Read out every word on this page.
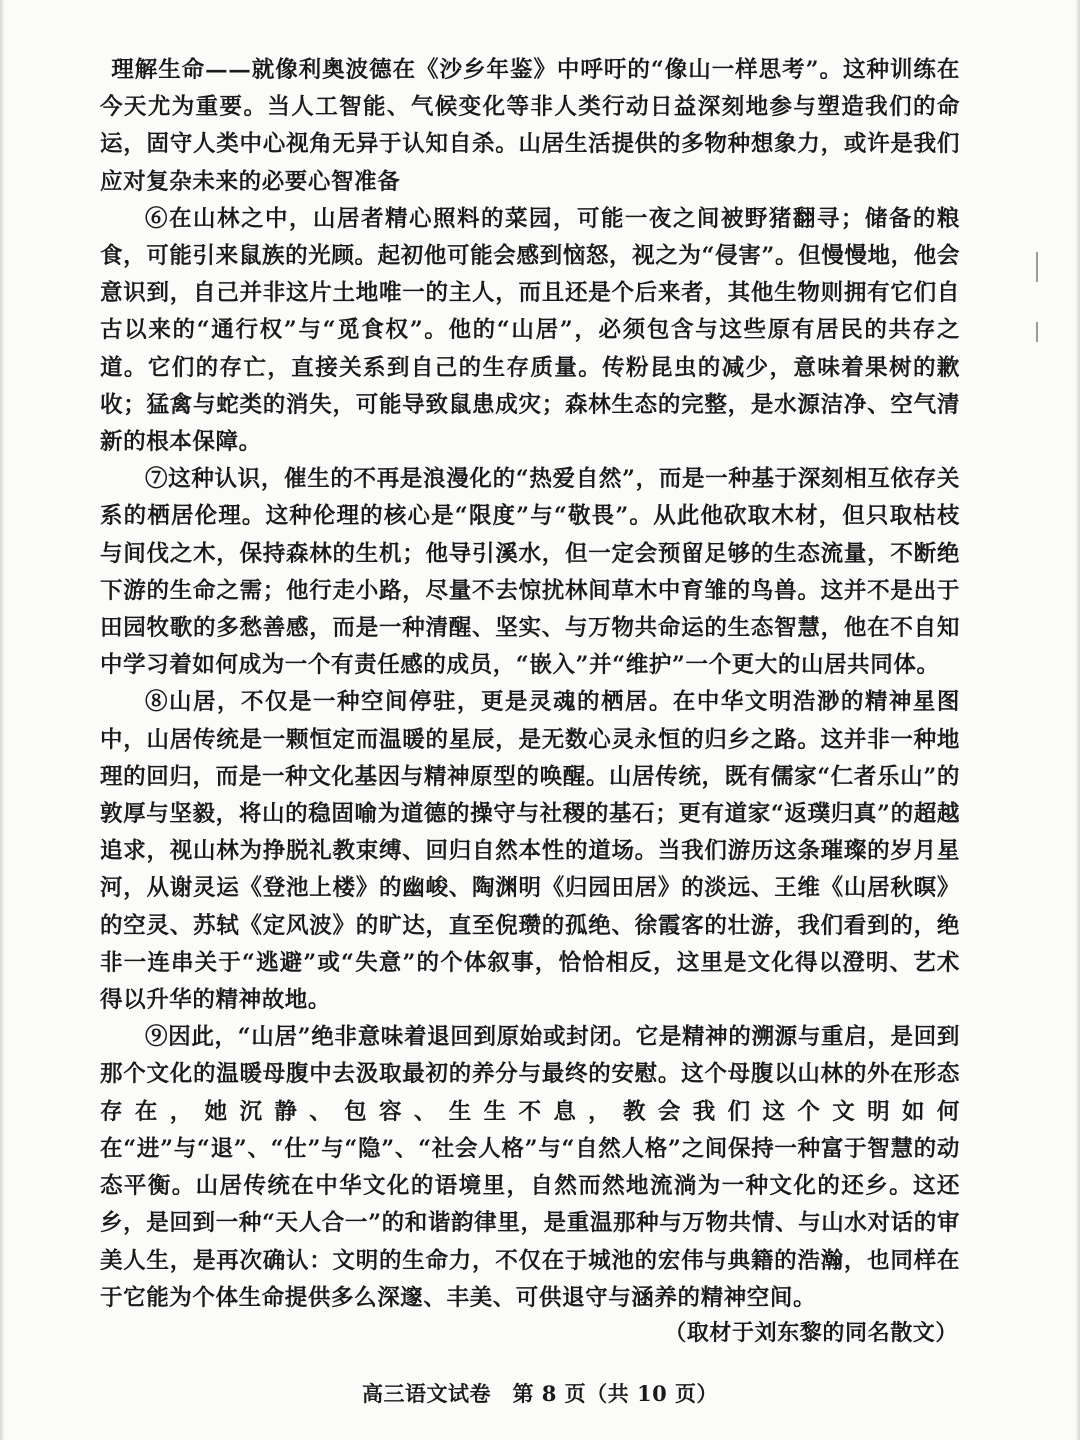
理解生命——就像利奥波德在《沙乡年鉴》中呼吁的“像山一样思考”。这种训练在今天尤为重要。当人工智能、气候变化等非人类行动日益深刻地参与塑造我们的命运，固守人类中心视角无异于认知自杀。山居生活提供的多物种想象力，或许是我们应对复杂未来的必要心智准备

⑥在山林之中，山居者精心照料的菜园，可能一夜之间被野猪翻寻；储备的粮食，可能引来鼠族的光顾。起初他可能会感到恼怒，视之为“侵害”。但慢慢地，他会意识到，自己并非这片土地唯一的主人，而且还是个后来者，其他生物则拥有它们自古以来的“通行权”与“觅食权”。他的“山居”，必须包含与这些原有居民的共存之道。它们的存亡，直接关系到自己的生存质量。传粉昆虫的减少，意味着果树的歉收；猛禽与蛇类的消失，可能导致鼠患成灾；森林生态的完整，是水源洁净、空气清新的根本保障。

⑦这种认识，催生的不再是浪漫化的“热爱自然”，而是一种基于深刻相互依存关系的栖居伦理。这种伦理的核心是“限度”与“敬畏”。从此他砍取木材，但只取枯枝与间伐之木，保持森林的生机；他导引溪水，但一定会预留足够的生态流量，不断绝下游的生命之需；他行走小路，尽量不去惊扰林间草木中育雏的鸟兽。这并不是出于田园牧歌的多愁善感，而是一种清醒、坚实、与万物共命运的生态智慧，他在不自知中学习着如何成为一个有责任感的成员，“嵌入”并“维护”一个更大的山居共同体。

⑧山居，不仅是一种空间停驻，更是灵魂的栖居。在中华文明浩渺的精神星图中，山居传统是一颗恒定而温暖的星辰，是无数心灵永恒的归乡之路。这并非一种地理的回归，而是一种文化基因与精神原型的唤醒。山居传统，既有儒家“仁者乐山”的敦厚与坚毅，将山的稳固喻为道德的操守与社稷的基石；更有道家“返璞归真”的超越追求，视山林为挣脱礼教束缚、回归自然本性的道场。当我们游历这条璀璨的岁月星河，从谢灵运《登池上楼》的幽峻、陶渊明《归园田居》的淡远、王维《山居秋暝》的空灵、苏轼《定风波》的旷达，直至倪瓒的孤绝、徐霞客的壮游，我们看到的，绝非一连串关于“逃避”或“失意”的个体叙事，恰恰相反，这里是文化得以澄明、艺术得以升华的精神故地。

⑨因此，“山居”绝非意味着退回到原始或封闭。它是精神的溯源与重启，是回到那个文化的温暖母腹中去汲取最初的养分与最终的安慰。这个母腹以山林的外在形态存在，她沉静、包容、生生不息，教会我们这个文明如何在“进”与“退”、“仕”与“隐”、“社会人格”与“自然人格”之间保持一种富于智慧的动态平衡。山居传统在中华文化的语境里，自然而然地流淌为一种文化的还乡。这还乡，是回到一种“天人合一”的和谐韵律里，是重温那种与万物共情、与山水对话的审美人生，是再次确认：文明的生命力，不仅在于城池的宏伟与典籍的浩瀚，也同样在于它能为个体生命提供多么深邃、丰美、可供退守与涵养的精神空间。

（取材于刘东黎的同名散文）
高三语文试卷　第 8 页（共 10 页）
